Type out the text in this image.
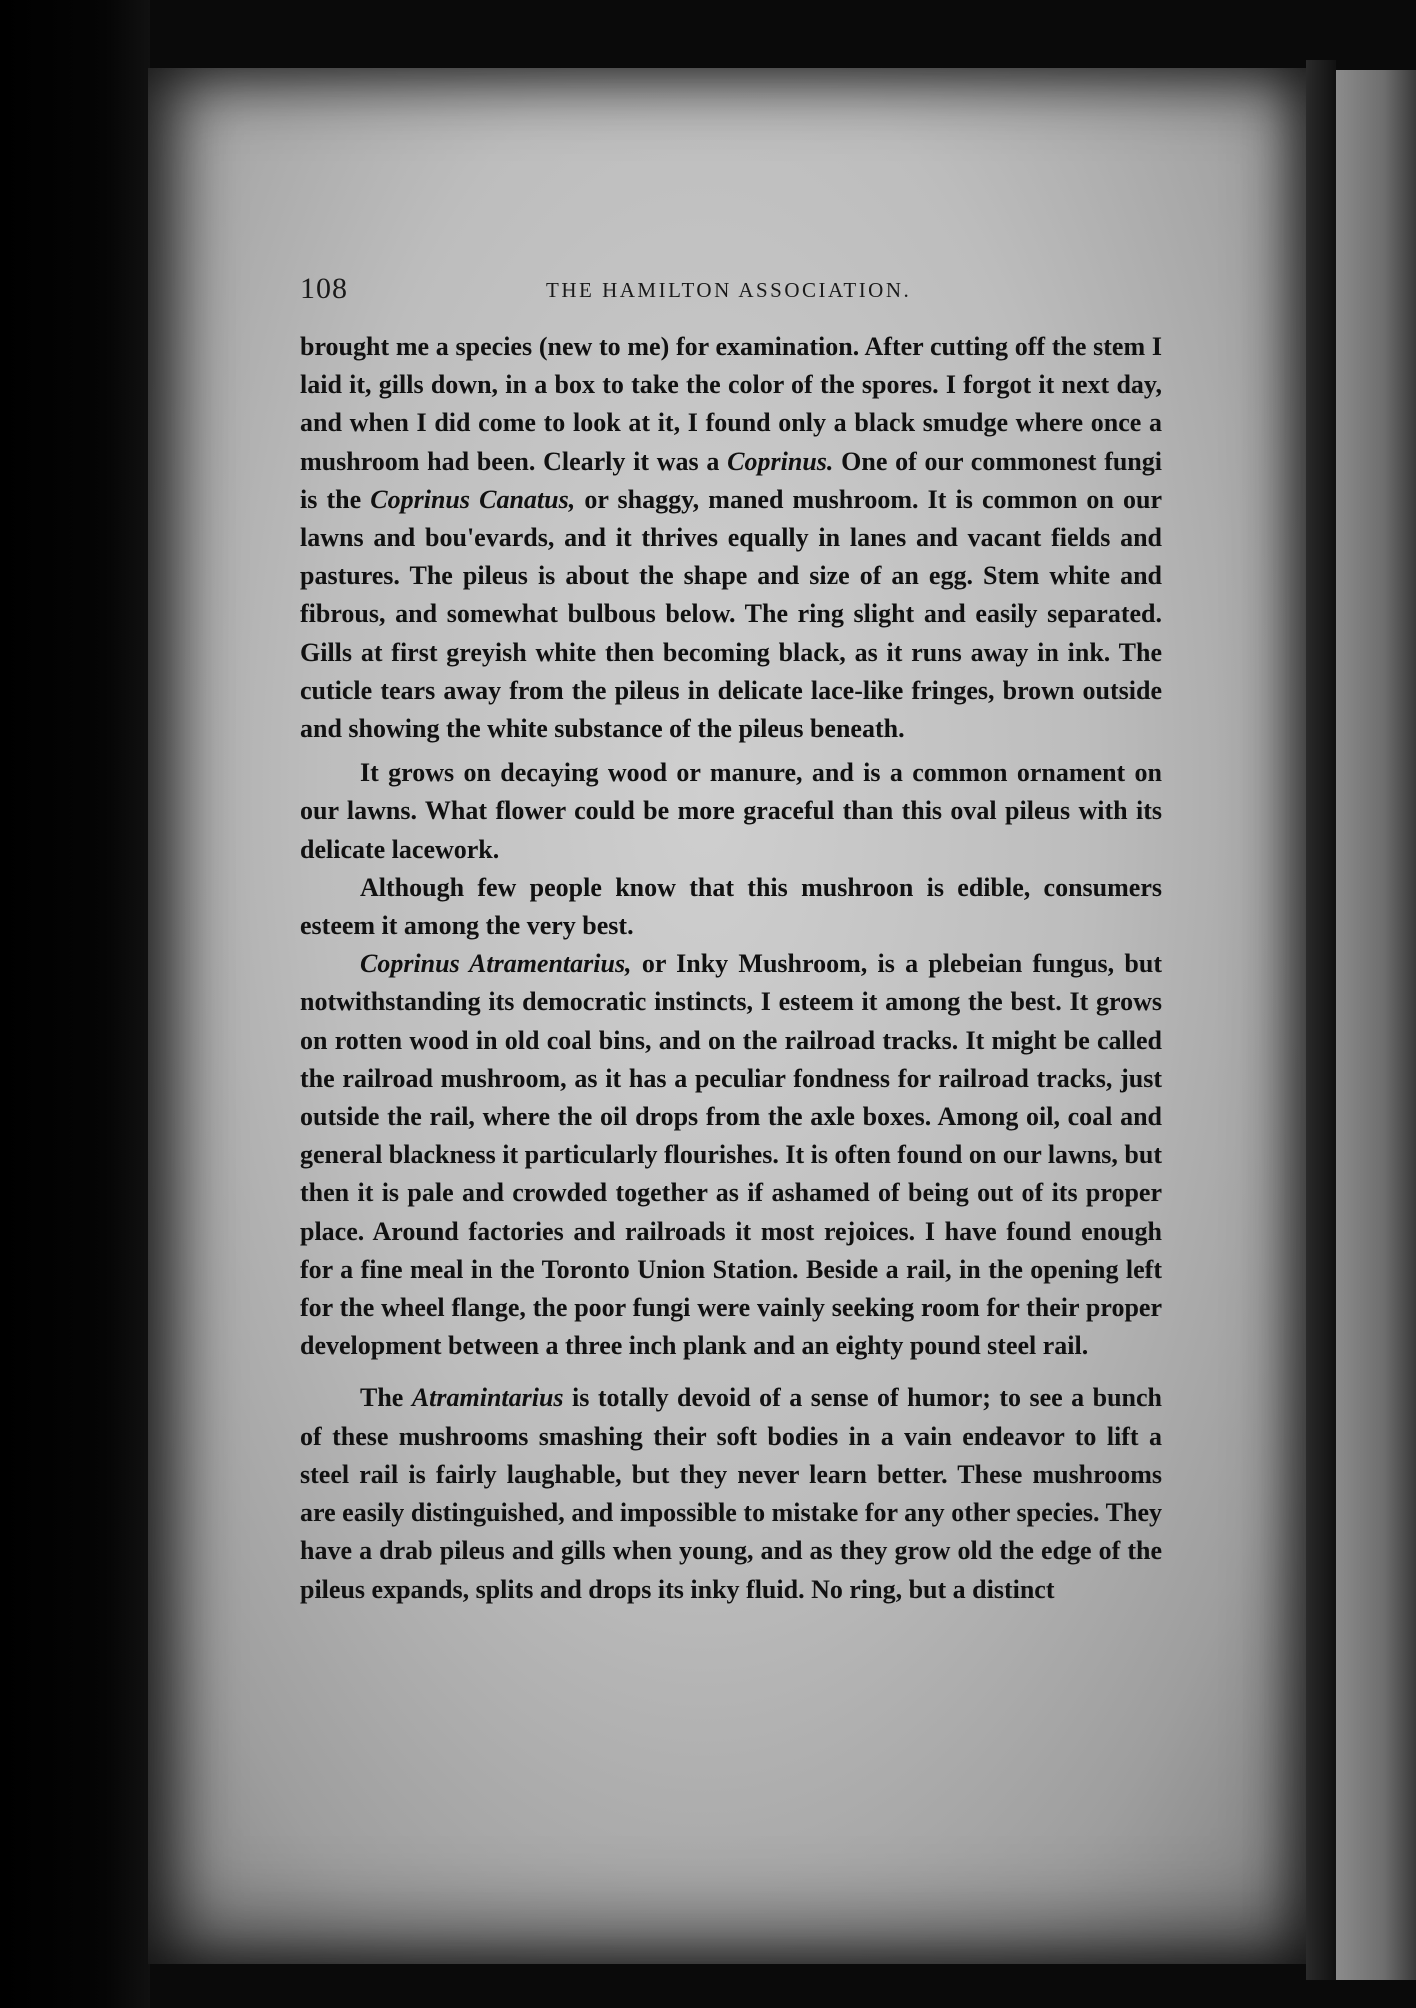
108	THE HAMILTON ASSOCIATION.

brought me a species (new to me) for examination. After cutting off the stem I laid it, gills down, in a box to take the color of the spores. I forgot it next day, and when I did come to look at it, I found only a black smudge where once a mushroom had been. Clearly it was a Coprinus. One of our commonest fungi is the Coprinus Canatus, or shaggy, maned mushroom. It is common on our lawns and bou'evards, and it thrives equally in lanes and vacant fields and pastures. The pileus is about the shape and size of an egg. Stem white and fibrous, and somewhat bulbous below. The ring slight and easily separated. Gills at first greyish white then becoming black, as it runs away in ink. The cuticle tears away from the pileus in delicate lace-like fringes, brown outside and showing the white substance of the pileus beneath.

It grows on decaying wood or manure, and is a common ornament on our lawns. What flower could be more graceful than this oval pileus with its delicate lacework.

Although few people know that this mushroon is edible, consumers esteem it among the very best.

Coprinus Atramentarius, or Inky Mushroom, is a plebeian fungus, but notwithstanding its democratic instincts, I esteem it among the best. It grows on rotten wood in old coal bins, and on the railroad tracks. It might be called the railroad mushroom, as it has a peculiar fondness for railroad tracks, just outside the rail, where the oil drops from the axle boxes. Among oil, coal and general blackness it particularly flourishes. It is often found on our lawns, but then it is pale and crowded together as if ashamed of being out of its proper place. Around factories and railroads it most rejoices. I have found enough for a fine meal in the Toronto Union Station. Beside a rail, in the opening left for the wheel flange, the poor fungi were vainly seeking room for their proper development between a three inch plank and an eighty pound steel rail.

The Atramintarius is totally devoid of a sense of humor; to see a bunch of these mushrooms smashing their soft bodies in a vain endeavor to lift a steel rail is fairly laughable, but they never learn better. These mushrooms are easily distinguished, and impossible to mistake for any other species. They have a drab pileus and gills when young, and as they grow old the edge of the pileus expands, splits and drops its inky fluid. No ring, but a distinct
